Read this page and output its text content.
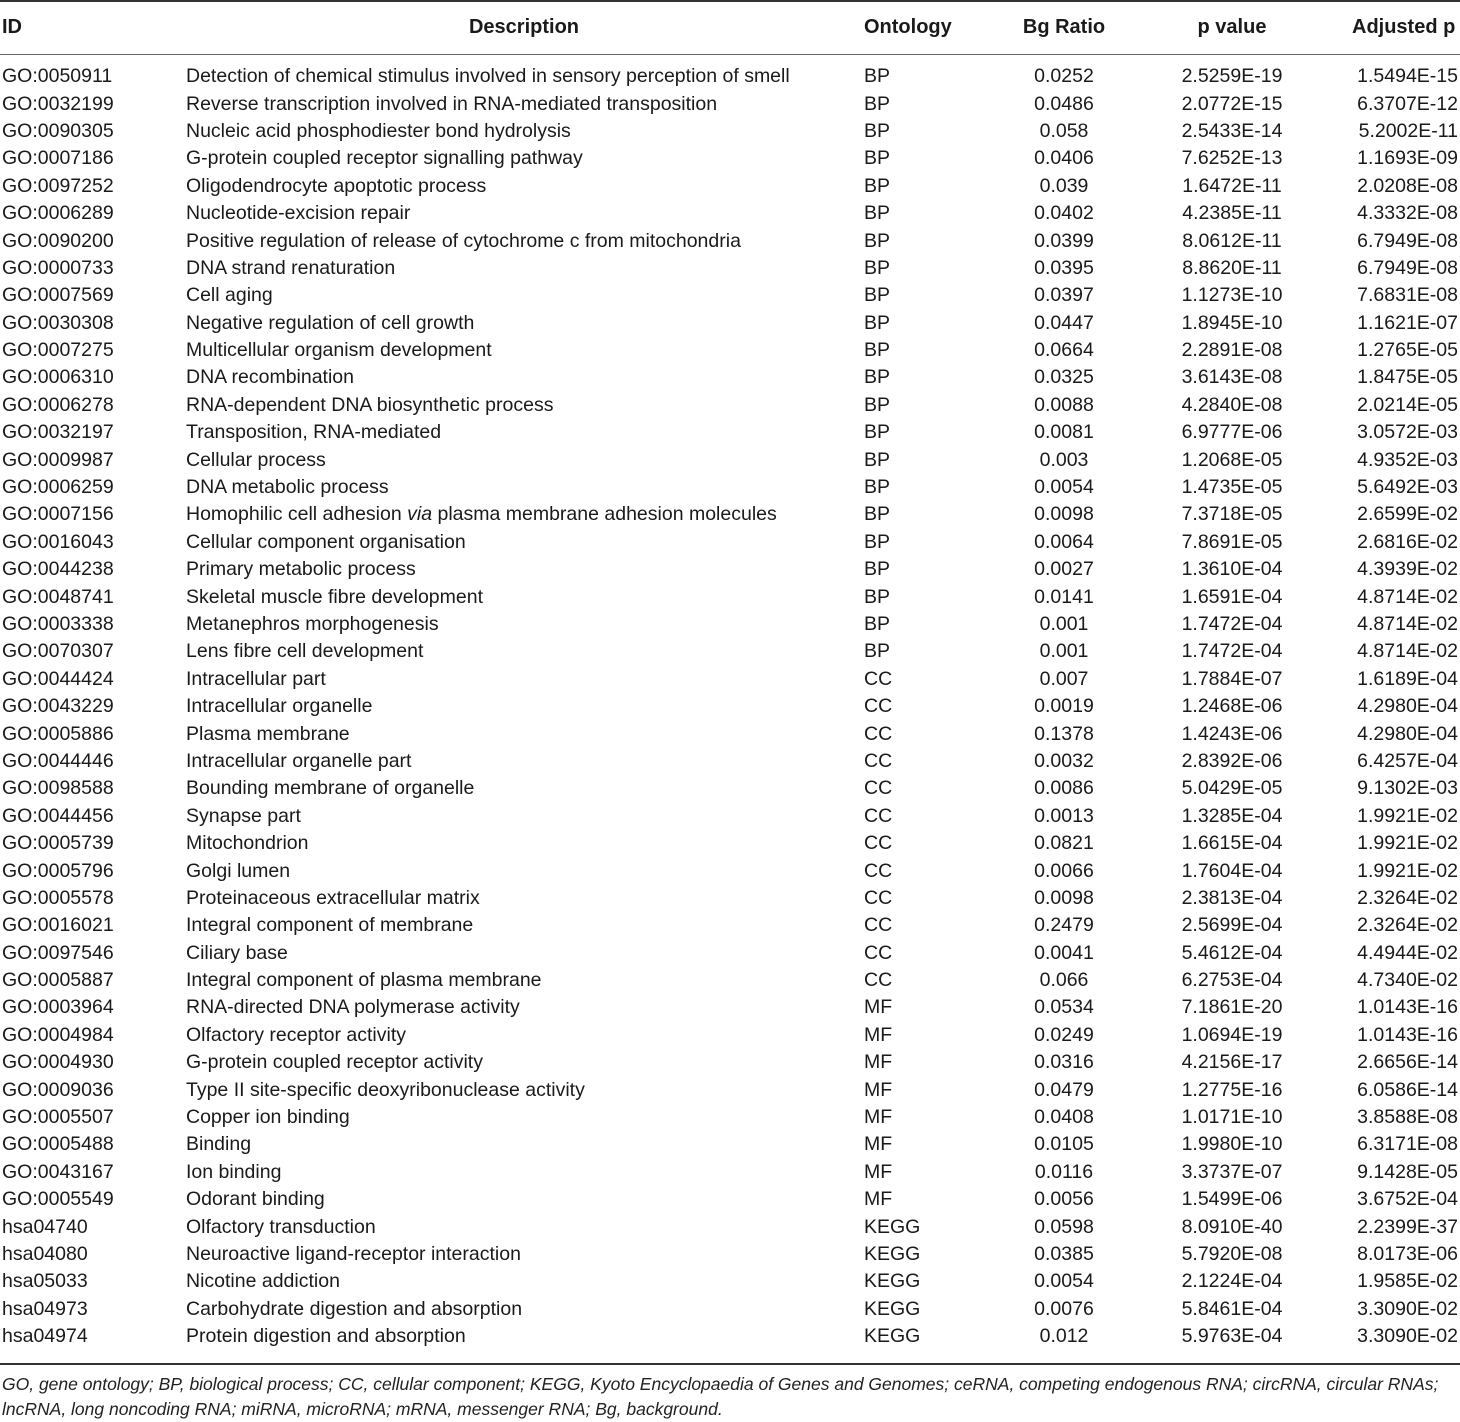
ID	Description	Ontology	Bg Ratio	p value	Adjusted p
GO:0050911	Detection of chemical stimulus involved in sensory perception of smell	BP	0.0252	2.5259E-19	1.5494E-15
GO:0032199	Reverse transcription involved in RNA-mediated transposition	BP	0.0486	2.0772E-15	6.3707E-12
GO:0090305	Nucleic acid phosphodiester bond hydrolysis	BP	0.058	2.5433E-14	5.2002E-11
GO:0007186	G-protein coupled receptor signalling pathway	BP	0.0406	7.6252E-13	1.1693E-09
GO:0097252	Oligodendrocyte apoptotic process	BP	0.039	1.6472E-11	2.0208E-08
GO:0006289	Nucleotide-excision repair	BP	0.0402	4.2385E-11	4.3332E-08
GO:0090200	Positive regulation of release of cytochrome c from mitochondria	BP	0.0399	8.0612E-11	6.7949E-08
GO:0000733	DNA strand renaturation	BP	0.0395	8.8620E-11	6.7949E-08
GO:0007569	Cell aging	BP	0.0397	1.1273E-10	7.6831E-08
GO:0030308	Negative regulation of cell growth	BP	0.0447	1.8945E-10	1.1621E-07
GO:0007275	Multicellular organism development	BP	0.0664	2.2891E-08	1.2765E-05
GO:0006310	DNA recombination	BP	0.0325	3.6143E-08	1.8475E-05
GO:0006278	RNA-dependent DNA biosynthetic process	BP	0.0088	4.2840E-08	2.0214E-05
GO:0032197	Transposition, RNA-mediated	BP	0.0081	6.9777E-06	3.0572E-03
GO:0009987	Cellular process	BP	0.003	1.2068E-05	4.9352E-03
GO:0006259	DNA metabolic process	BP	0.0054	1.4735E-05	5.6492E-03
GO:0007156	Homophilic cell adhesion via plasma membrane adhesion molecules	BP	0.0098	7.3718E-05	2.6599E-02
GO:0016043	Cellular component organisation	BP	0.0064	7.8691E-05	2.6816E-02
GO:0044238	Primary metabolic process	BP	0.0027	1.3610E-04	4.3939E-02
GO:0048741	Skeletal muscle fibre development	BP	0.0141	1.6591E-04	4.8714E-02
GO:0003338	Metanephros morphogenesis	BP	0.001	1.7472E-04	4.8714E-02
GO:0070307	Lens fibre cell development	BP	0.001	1.7472E-04	4.8714E-02
GO:0044424	Intracellular part	CC	0.007	1.7884E-07	1.6189E-04
GO:0043229	Intracellular organelle	CC	0.0019	1.2468E-06	4.2980E-04
GO:0005886	Plasma membrane	CC	0.1378	1.4243E-06	4.2980E-04
GO:0044446	Intracellular organelle part	CC	0.0032	2.8392E-06	6.4257E-04
GO:0098588	Bounding membrane of organelle	CC	0.0086	5.0429E-05	9.1302E-03
GO:0044456	Synapse part	CC	0.0013	1.3285E-04	1.9921E-02
GO:0005739	Mitochondrion	CC	0.0821	1.6615E-04	1.9921E-02
GO:0005796	Golgi lumen	CC	0.0066	1.7604E-04	1.9921E-02
GO:0005578	Proteinaceous extracellular matrix	CC	0.0098	2.3813E-04	2.3264E-02
GO:0016021	Integral component of membrane	CC	0.2479	2.5699E-04	2.3264E-02
GO:0097546	Ciliary base	CC	0.0041	5.4612E-04	4.4944E-02
GO:0005887	Integral component of plasma membrane	CC	0.066	6.2753E-04	4.7340E-02
GO:0003964	RNA-directed DNA polymerase activity	MF	0.0534	7.1861E-20	1.0143E-16
GO:0004984	Olfactory receptor activity	MF	0.0249	1.0694E-19	1.0143E-16
GO:0004930	G-protein coupled receptor activity	MF	0.0316	4.2156E-17	2.6656E-14
GO:0009036	Type II site-specific deoxyribonuclease activity	MF	0.0479	1.2775E-16	6.0586E-14
GO:0005507	Copper ion binding	MF	0.0408	1.0171E-10	3.8588E-08
GO:0005488	Binding	MF	0.0105	1.9980E-10	6.3171E-08
GO:0043167	Ion binding	MF	0.0116	3.3737E-07	9.1428E-05
GO:0005549	Odorant binding	MF	0.0056	1.5499E-06	3.6752E-04
hsa04740	Olfactory transduction	KEGG	0.0598	8.0910E-40	2.2399E-37
hsa04080	Neuroactive ligand-receptor interaction	KEGG	0.0385	5.7920E-08	8.0173E-06
hsa05033	Nicotine addiction	KEGG	0.0054	2.1224E-04	1.9585E-02
hsa04973	Carbohydrate digestion and absorption	KEGG	0.0076	5.8461E-04	3.3090E-02
hsa04974	Protein digestion and absorption	KEGG	0.012	5.9763E-04	3.3090E-02
GO, gene ontology; BP, biological process; CC, cellular component; KEGG, Kyoto Encyclopaedia of Genes and Genomes; ceRNA, competing endogenous RNA; circRNA, circular RNAs; lncRNA, long noncoding RNA; miRNA, microRNA; mRNA, messenger RNA; Bg, background.
